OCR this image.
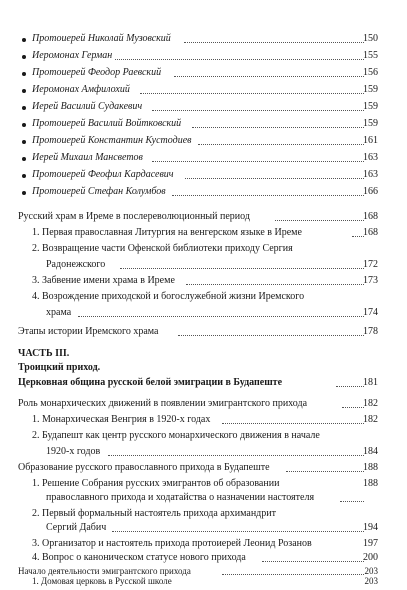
Протоиерей Николай Музовский	150
Иеромонах Герман	155
Протоиерей Феодор Раевский	156
Иеромонах Амфилохий	159
Иерей Василий Судакевич	159
Протоиерей Василий Войтковский	159
Протоиерей Константин Кустодиев	161
Иерей Михаил Мансветов	163
Протоиерей Феофил Кардасевич	163
Протоиерей Стефан Колумбов	166
Русский храм в Иреме в послереволюционный период	168
1. Первая православная Литургия на венгерском языке в Иреме	168
2. Возвращение части Офенской библиотеки приходу Сергия
Радонежского	172
3. Забвение имени храма в Иреме	173
4. Возрождение приходской и богослужебной жизни Иремского
храма	174
Этапы истории Иремского храма	178
ЧАСТЬ III.
Троицкий приход.
Церковная община русской белой эмиграции в Будапеште	181
Роль монархических движений в появлении эмигрантского прихода	182
1. Монархическая Венгрия в 1920-х годах	182
2. Будапешт как центр русского монархического движения в начале
1920-х годов	184
Образование русского православного прихода в Будапеште	188
1. Решение Собрания русских эмигрантов об образовании
православного прихода и ходатайства о назначении настоятеля
188
2. Первый формальный настоятель прихода архимандрит
Сергий Дабич	194
3. Организатор и настоятель прихода протоиерей Леонид Розанов	197
4. Вопрос о каноническом статусе нового прихода	200
Начало деятельности эмигрантского прихода	203
1. Домовая церковь в Русской школе	203
